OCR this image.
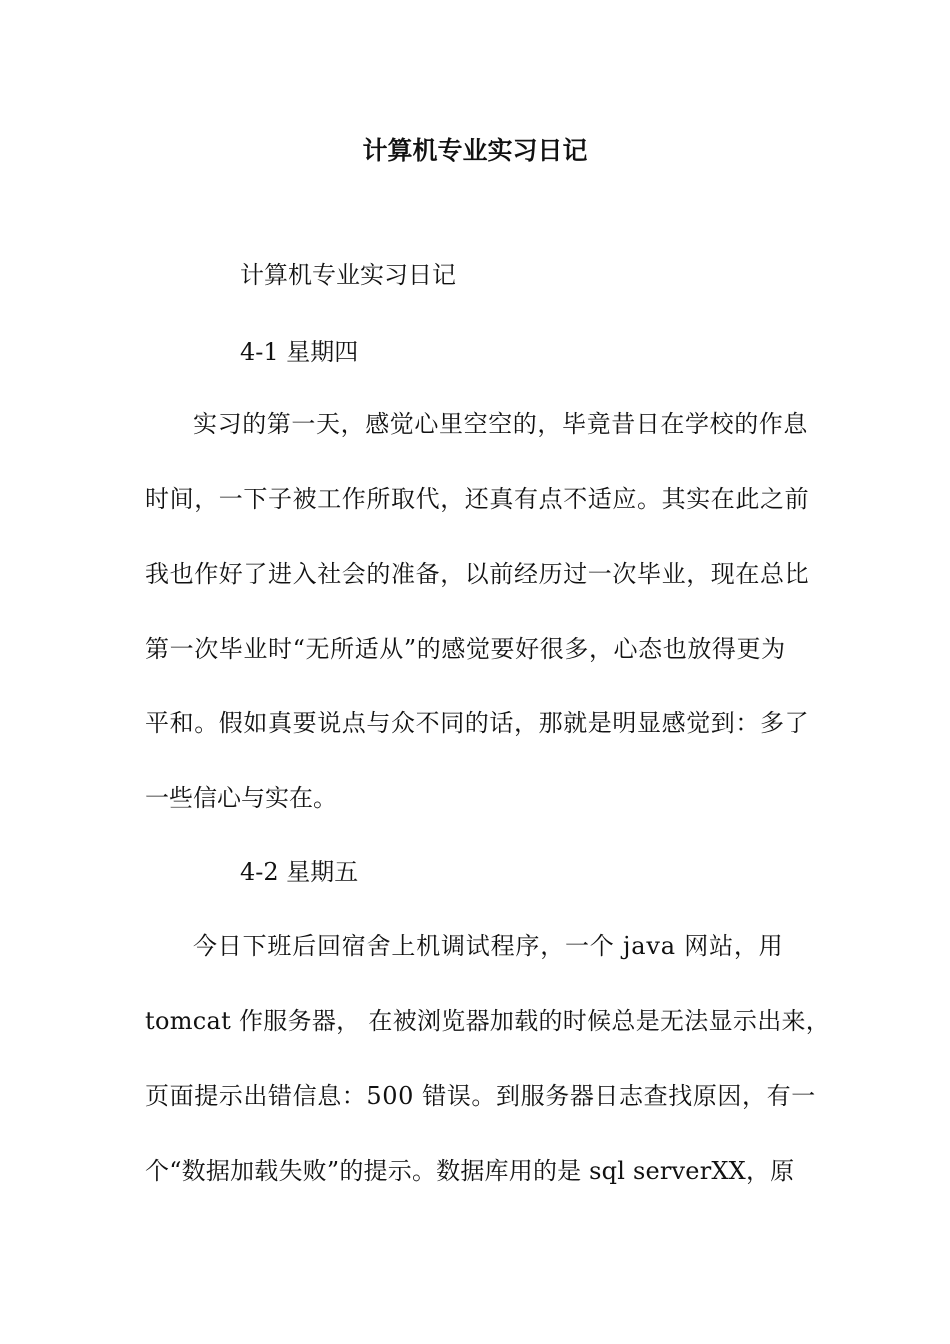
计算机专业实习日记
计算机专业实习日记
4-1 星期四
实习的第一天，感觉心里空空的，毕竟昔日在学校的作息
时间，一下子被工作所取代，还真有点不适应。其实在此之前
我也作好了进入社会的准备，以前经历过一次毕业，现在总比
第一次毕业时“无所适从”的感觉要好很多，心态也放得更为
平和。假如真要说点与众不同的话，那就是明显感觉到：多了
一些信心与实在。
4-2 星期五
今日下班后回宿舍上机调试程序，一个 java 网站，用
tomcat 作服务器， 在被浏览器加载的时候总是无法显示出来，
页面提示出错信息：500 错误。到服务器日志查找原因，有一
个“数据加载失败”的提示。数据库用的是 sql serverXX，原
